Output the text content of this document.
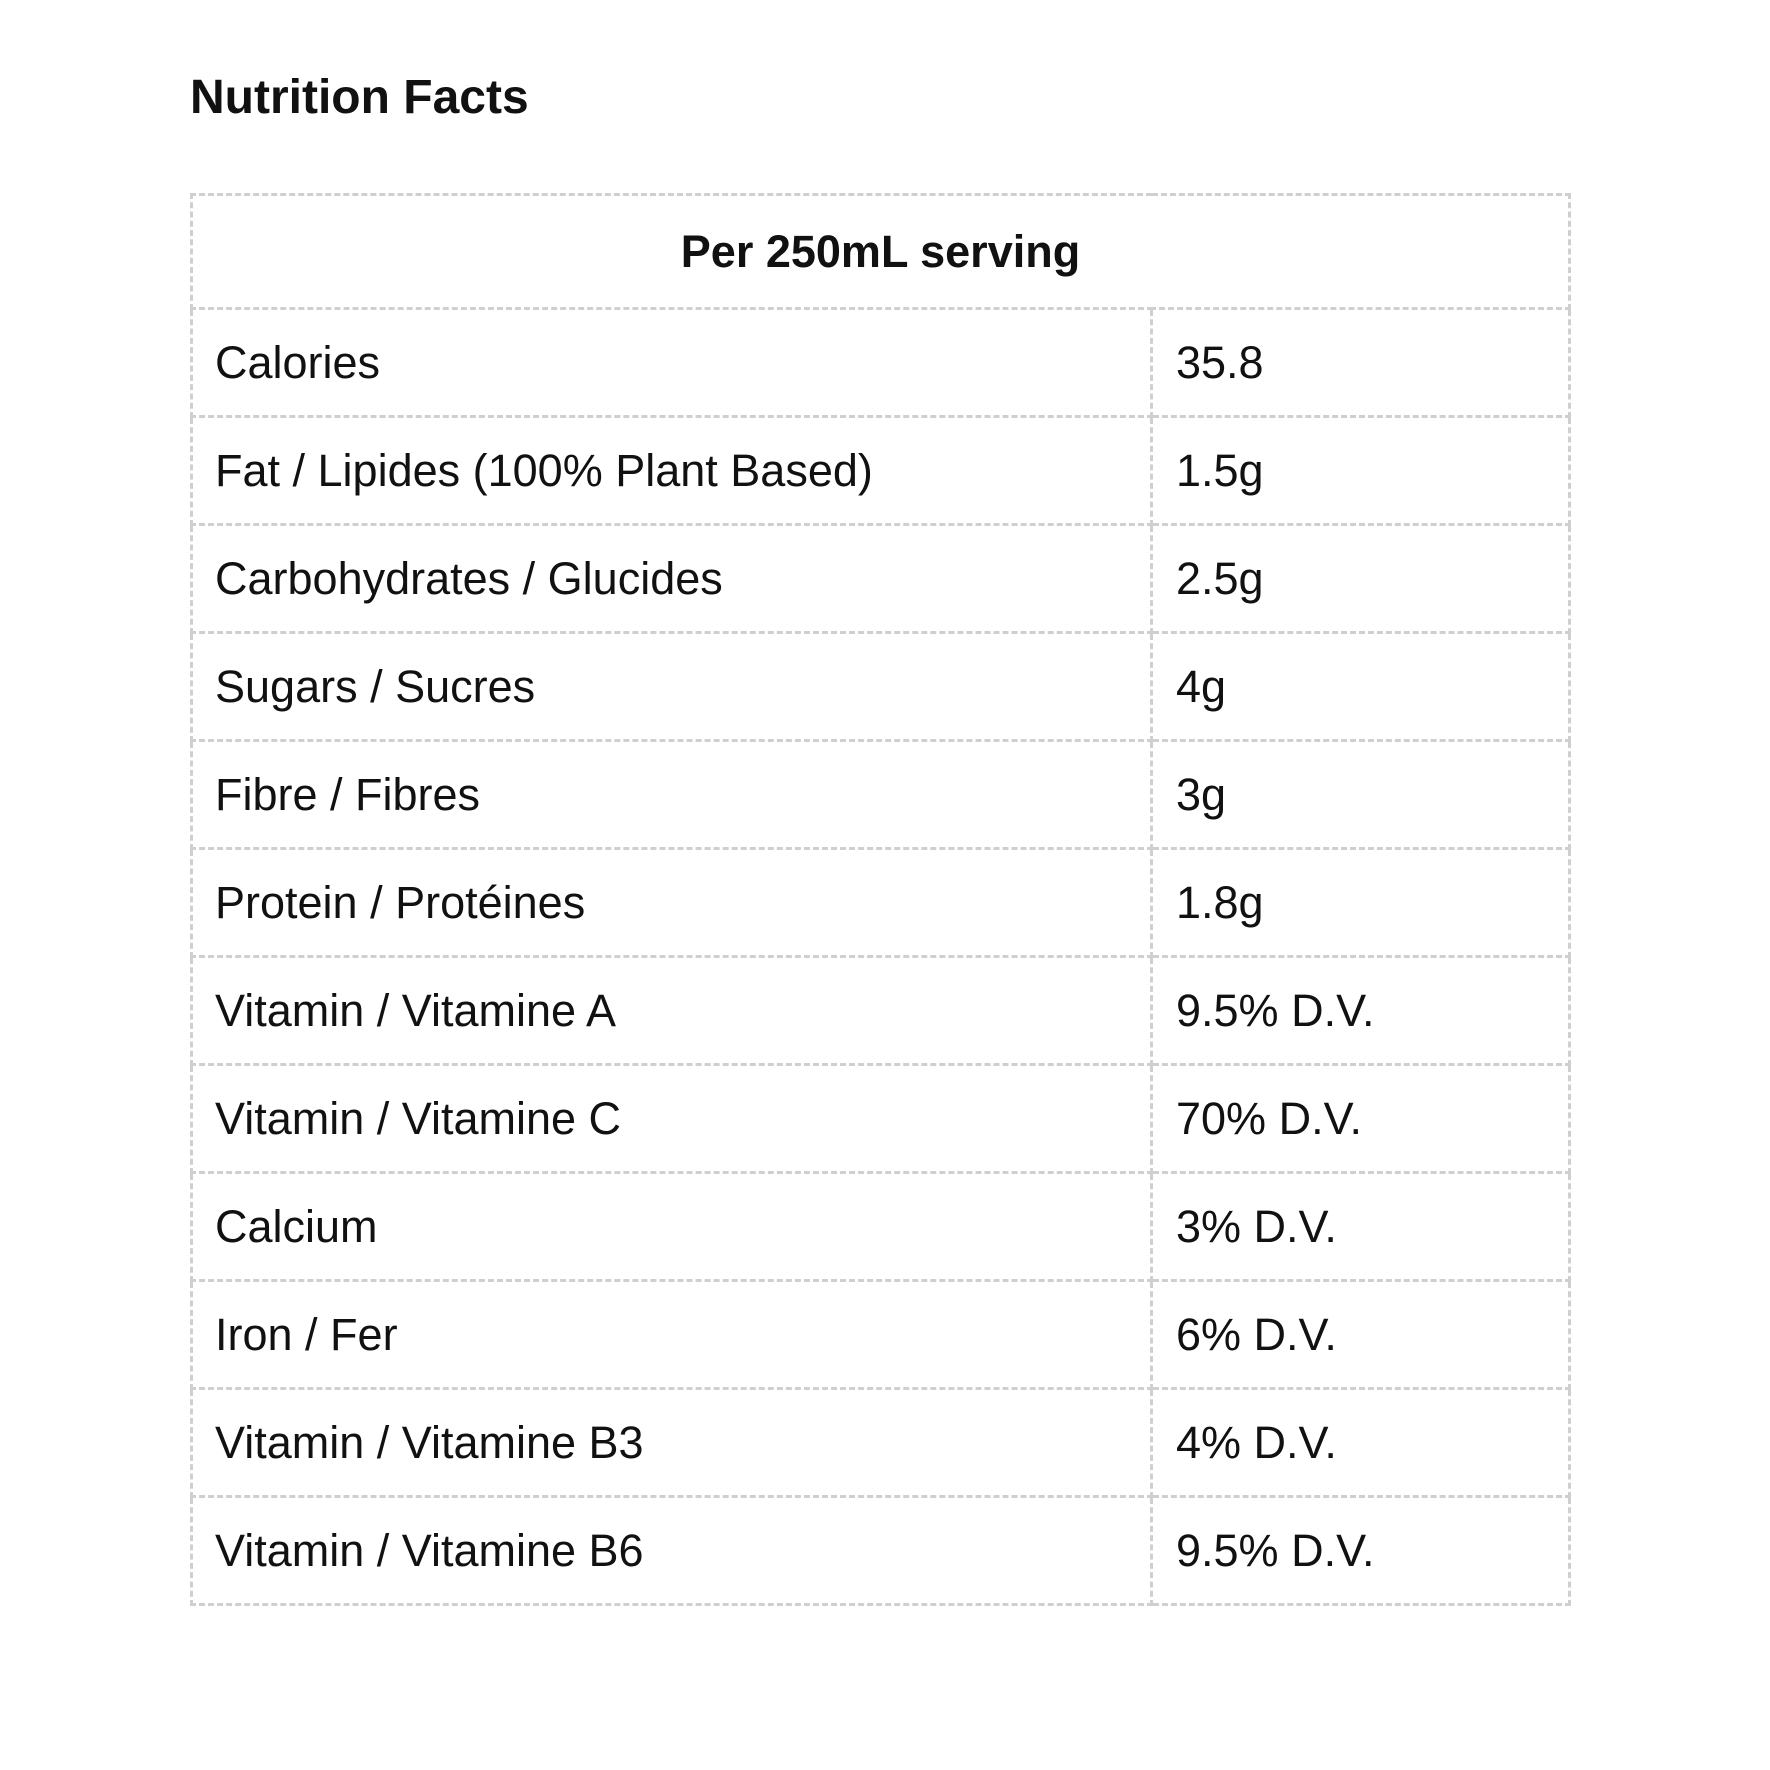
Nutrition Facts
Per 250mL serving	
Calories	35.8
Fat / Lipides (100% Plant Based)	1.5g
Carbohydrates / Glucides	2.5g
Sugars / Sucres	4g
Fibre / Fibres	3g
Protein / Protéines	1.8g
Vitamin / Vitamine A	9.5% D.V.
Vitamin / Vitamine C	70% D.V.
Calcium	3% D.V.
Iron / Fer	6% D.V.
Vitamin / Vitamine B3	4% D.V.
Vitamin / Vitamine B6	9.5% D.V.
